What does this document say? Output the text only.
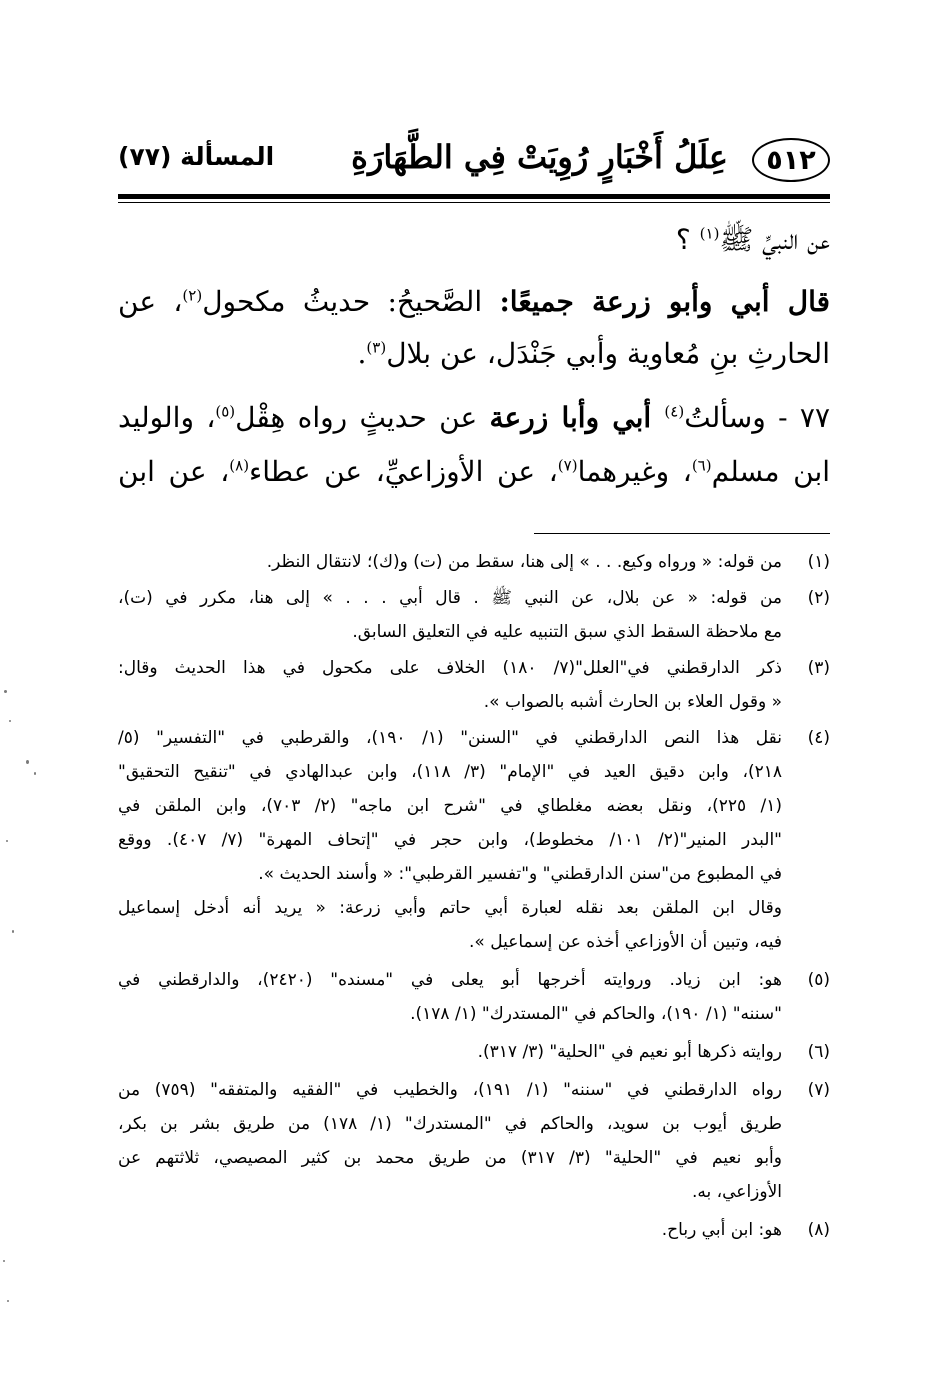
٥١٢
عِلَلُ أَخْبَارٍ رُوِيَتْ فِي الطَّهَارَةِ
المسألة (٧٧)
عن النبيِّ ﷺ$^{(١)}$ ؟
قال أبي وأبو زرعة جميعًا: الصَّحيحُ: حديثُ مكحول$^{(٢)}$، عن
الحارثِ بنِ مُعاوية وأبي جَنْدَل، عن بلال$^{(٣)}$.
٧٧ - وسألتُ$^{(٤)}$ أبي وأبا زرعة عن حديثٍ رواه هِقْل$^{(٥)}$، والوليد
ابن مسلم$^{(٦)}$، وغيرهما$^{(٧)}$، عن الأوزاعيِّ، عن عطاء$^{(٨)}$، عن ابن
(١)
من قوله: « ورواه وكيع. . . » إلى هنا، سقط من (ت) و(ك)؛ لانتقال النظر.
(٢)
من قوله: « عن بلال، عن النبي ﷺ . قال أبي . . . » إلى هنا، مكرر في (ت)،
مع ملاحظة السقط الذي سبق التنبيه عليه في التعليق السابق.
(٣)
ذكر الدارقطني في"العلل"(٧/ ١٨٠) الخلاف على مكحول في هذا الحديث وقال:
« وقول العلاء بن الحارث أشبه بالصواب ».
(٤)
نقل هذا النص الدارقطني في "السنن" (١/ ١٩٠)، والقرطبي في "التفسير" (٥/
٢١٨)، وابن دقيق العيد في "الإمام" (٣/ ١١٨)، وابن عبدالهادي في "تنقيح التحقيق"
(١/ ٢٢٥)، ونقل بعضه مغلطاي في "شرح ابن ماجه" (٢/ ٧٠٣)، وابن الملقن في
"البدر المنير"(٢/ ١٠١/ مخطوط)، وابن حجر في "إتحاف المهرة" (٧/ ٤٠٧). ووقع
في المطبوع من"سنن الدارقطني" و"تفسير القرطبي": « وأسند الحديث ».
وقال ابن الملقن بعد نقله لعبارة أبي حاتم وأبي زرعة: « يريد أنه أدخل إسماعيل
فيه، وتبين أن الأوزاعي أخذه عن إسماعيل ».
(٥)
هو: ابن زياد. وروايته أخرجها أبو يعلى في "مسنده" (٢٤٢٠)، والدارقطني في
"سننه" (١/ ١٩٠)، والحاكم في "المستدرك" (١/ ١٧٨).
(٦)
روايته ذكرها أبو نعيم في "الحلية" (٣/ ٣١٧).
(٧)
رواه الدارقطني في "سننه" (١/ ١٩١)، والخطيب في "الفقيه والمتفقه" (٧٥٩) من
طريق أيوب بن سويد، والحاكم في "المستدرك" (١/ ١٧٨) من طريق بشر بن بكر،
وأبو نعيم في "الحلية" (٣/ ٣١٧) من طريق محمد بن كثير المصيصي، ثلاثتهم عن
الأوزاعي، به.
(٨)
هو: ابن أبي رباح.
